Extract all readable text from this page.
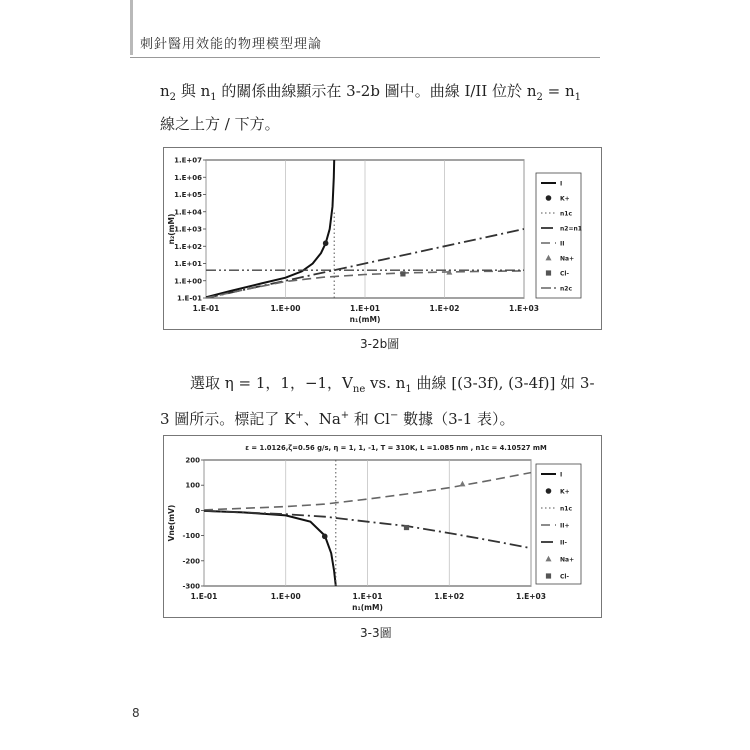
刺針醫用效能的物理模型理論
$n_2$ 與 $n_1$ 的關係曲線顯示在 3-2b 圖中。曲線 I/II 位於 $n_2 = n_1$ 線之上方 / 下方。
1.E-01	1.E+00	1.E+01	1.E+02	1.E+03
1.E-01
1.E+00
1.E+01
1.E+02
1.E+03
1.E+04
1.E+05
1.E+06
1.E+07
n₁(mM)
n₂(mM)
I
K+
n1c
n2=n1
II
Na+
Cl-
n2c
3-2b圖
選取 η = 1，1，−1，$V_{ne}$ vs. $n_1$ 曲線 [(3-3f), (3-4f)] 如 3-3 圖所示。標記了 K+、Na+ 和 Cl− 數據（3-1 表）。
1.E-01	1.E+00	1.E+01	1.E+02	1.E+03
200
100
0
-100
-200
-300
n₁(mM)
Vne(mV)
ε = 1.0126,ζ=0.56 g/s, η = 1, 1, -1, T = 310K, L =1.085 nm , n1c = 4.10527 mM
I
K+
n1c
II+
II-
Na+
Cl-
3-3圖
8
